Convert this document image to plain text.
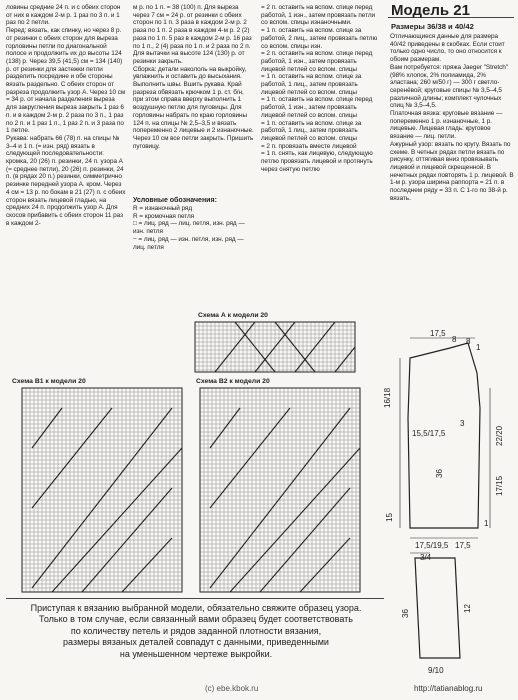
ловины средние 24 п. и с обеих сторон от них в каждом 2-м р. 1 раз по 3 п. и 1 раз по 2 петли.
Перед: вязать, как спинку, но через 8 р. от резинки с обеих сторон для выреза горловины петли по диагональной полосе и продолжить их до высоты 124 (138) р. Через 39,5 (41,5) см = 134 (140) р. от резинки для застежки петли разделить посредине и обе стороны вязать раздельно. С обеих сторон от разреза продолжить узор А. Через 10 см = 34 р. от начала разделения выреза для закругления выреза закрыть 1 раз 6 п. и в каждом 2-м р. 2 раза по 3 п., 1 раз по 2 п. и 1 раз 1 п., 1 раз 2 п. и 3 раза по 1 петле.
Рукава: набрать 66 (78) п. на спицы № 3–4 и 1 п. (= изн. ряд) вязать в следующей последовательности: кромка, 20 (26) п. резинки, 24 п. узора А (= среднее петли), 20 (26) п. резинки, 24 п. (в рядах 20 п.) резинки, симметрично резинке передней узора А. кром. Через 4 см = 13 р. по бокам в 21 (27) п. с обеих сторон вязать лицевой гладью, на средних 24 п. продолжить узор А. Для скосов прибавить с обеих сторон 11 раз в каждом 2-
м р. по 1 п. = 38 (100) п. Для выреза через 7 см = 24 р. от резинки с обеих сторон по 1 п. 3 раза в каждом 2-м р. 2 раза по 1 п. 2 раза в каждом 4-м р. 2 (2) раза по 1 п. 5 раз в каждом 2-м р. 16 раз по 1 п., 2 (4) раза по 1 п. и 2 раза по 2 п. Для вытачки на высоте 124 (130) р. от резинки закрыть.
Сборка: детали накололь на выкройку, увлажнить и оставить до высыхания. Выполнить швы. Вшить рукава. Край разреза обвязать крючком 1 р. ст. б/н, при этом справа вверху выполнить 1 воздушную петлю для пуговицы. Для горловины набрать по краю горловины 124 п. на спицы № 2,5–3,5 и вязать попеременно 2 лицевые и 2 изнаночные. Через 10 см все петли закрыть. Пришить пуговицу.
Условные обозначения:
R = изнаночный ряд
R = кромочная петля
□ = лиц. ряд — лиц. петля, изн. ряд — изн. петля
− = лиц. ряд — изн. петля, изн. ряд — лиц. петля
= 2 п. оставить на вспом. спице перед работой, 1 изн., затем провязать петли со вспом. спицы изнаночными.
= 1 п. оставить на вспом. спице за работой, 2 лиц., затем провязать петлю со вспом. спицы изн.
= 2 п. оставить на вспом. спице перед работой, 1 изн., затем провязать лицевой петлей со вспом. спицы
= 1 п. оставить на вспом. спице за работой, 1 лиц., затем провязать лицевой петлей со вспом. спицы
= 1 п. оставить на вспом. спице перед работой, 1 изн., затем провязать лицевой петлей со вспом. спицы
= 1 п. оставить на вспом. спице за работой, 1 лиц., затем провязать лицевой петлей со вспом. спицы
= 2 п. провязать вместе лицевой
= 1 п. снять, как лицевую, следующую петлю провязать лицевой и протянуть через снятую петлю
Модель 21
Размеры 36/38 и 40/42
Отличающиеся данные для размера 40/42 приведены в скобках. Если стоит только одно число, то оно относится к обоим размерам.
Вам потребуется: пряжа Jaeger "Stretch" (98% хлопок, 2% полиамида, 2% эластана; 260 м/50 г) — 300 г светло-серенёвой; круговые спицы № 3,5–4,5 различной длины; комплект чулочных спиц № 3,5–4,5.
Платочная вязка: круговые вязание — попеременно 1 р. изнаночные, 1 р. лицевые. Лицевая гладь: круговое вязание — лиц. петли.
Ажурный узор: вязать по кругу. Вязать по схеме. В четных рядах петли вязать по рисунку, оттягивая вниз провязывать лицевой и лицевой скрещенной. В нечетных рядах повторять 1 р. лицевой. В 1-м р. узора ширина раппорта = 21 п. в последнем ряду = 33 п. С 1-го по 38-й р. вязать.
Схема А к модели 20
Схема В1 к модели 20	Схема В2 к модели 20
17,5
8 8
1
16/18
15,5/17,5
3
22/20
36
17/15
15
17,5/19,5 17,5
1
3/4
36
12
9/10
Приступая к вязанию выбранной модели, обязательно свяжите образец узора.
Только в том случае, если связанный вами образец будет соответствовать
по количеству петель и рядов заданной плотности вязания,
размеры вязаных деталей совпадут с данными, приведенными
на уменьшенном чертеже выкройки.
(c) ebe.kbok.ru	http://tatianablog.ru
